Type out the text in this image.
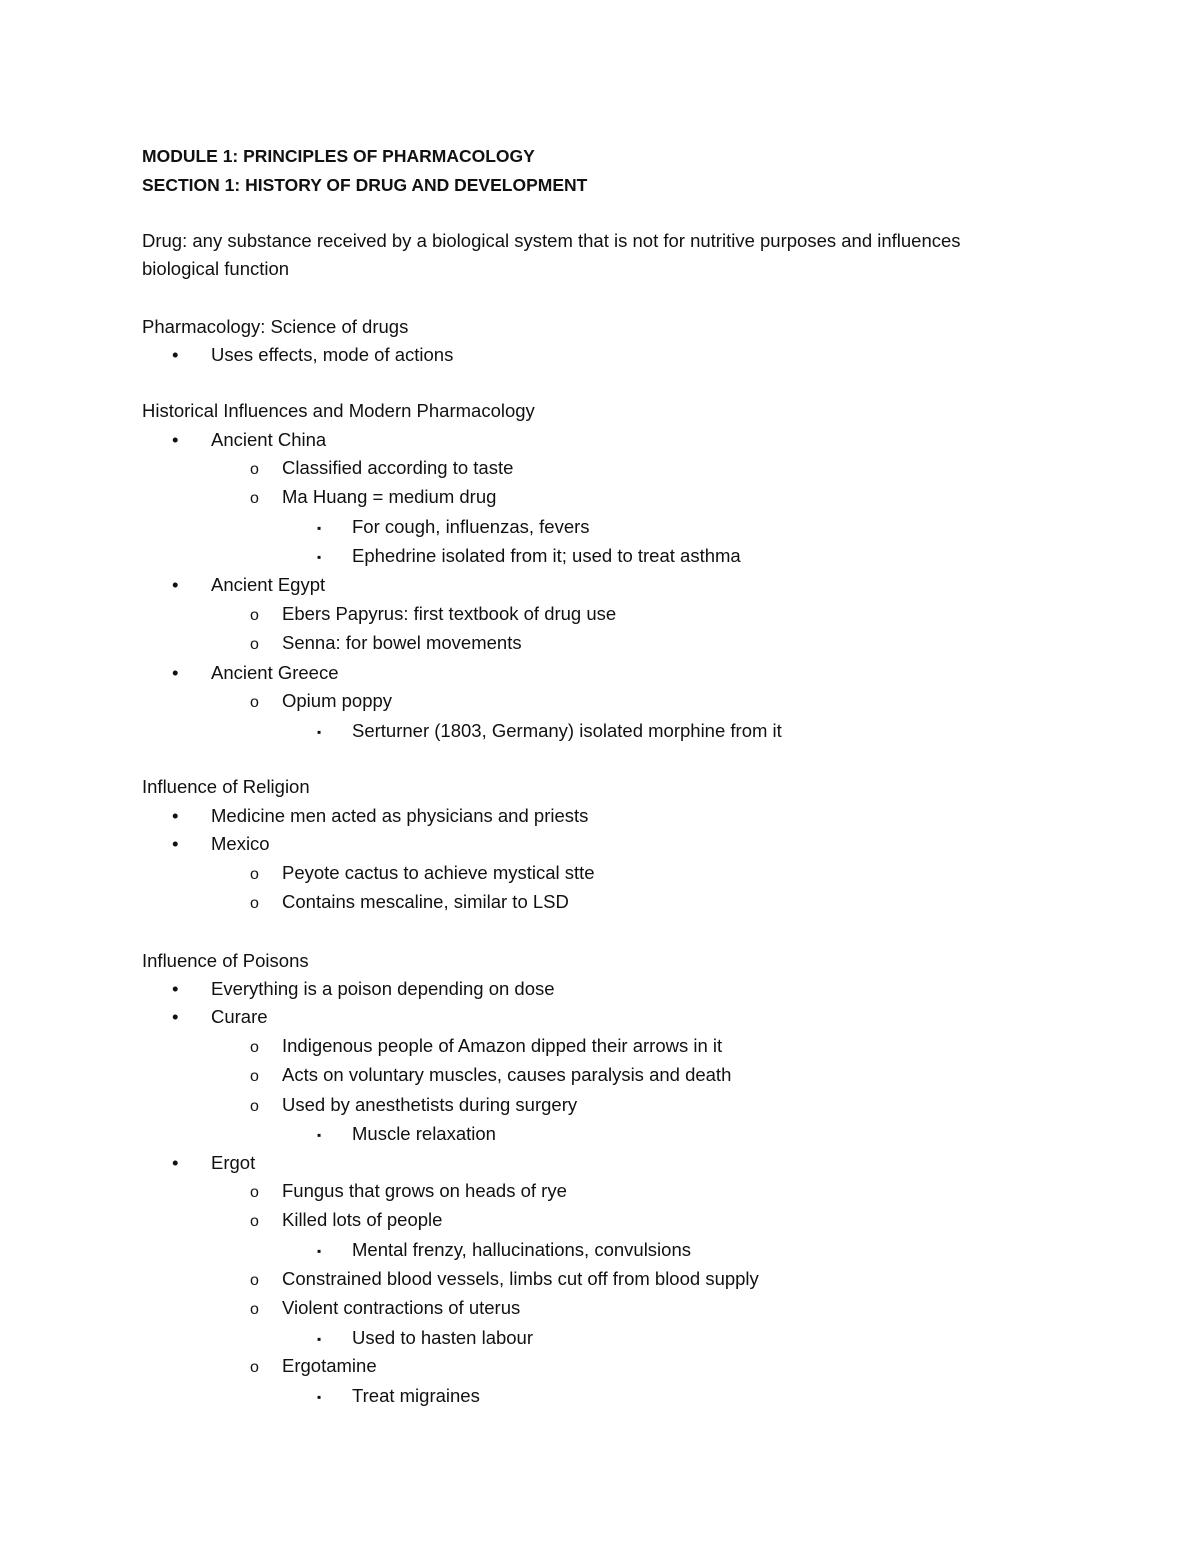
MODULE 1: PRINCIPLES OF PHARMACOLOGY
SECTION 1: HISTORY OF DRUG AND DEVELOPMENT
Drug: any substance received by a biological system that is not for nutritive purposes and influences
biological function
Pharmacology: Science of drugs
• Uses effects, mode of actions
Historical Influences and Modern Pharmacology
• Ancient China
o Classified according to taste
o Ma Huang = medium drug
▪ For cough, influenzas, fevers
▪ Ephedrine isolated from it; used to treat asthma
• Ancient Egypt
o Ebers Papyrus: first textbook of drug use
o Senna: for bowel movements
• Ancient Greece
o Opium poppy
▪ Serturner (1803, Germany) isolated morphine from it
Influence of Religion
• Medicine men acted as physicians and priests
• Mexico
o Peyote cactus to achieve mystical stte
o Contains mescaline, similar to LSD
Influence of Poisons
• Everything is a poison depending on dose
• Curare
o Indigenous people of Amazon dipped their arrows in it
o Acts on voluntary muscles, causes paralysis and death
o Used by anesthetists during surgery
▪ Muscle relaxation
• Ergot
o Fungus that grows on heads of rye
o Killed lots of people
▪ Mental frenzy, hallucinations, convulsions
o Constrained blood vessels, limbs cut off from blood supply
o Violent contractions of uterus
▪ Used to hasten labour
o Ergotamine
▪ Treat migraines
